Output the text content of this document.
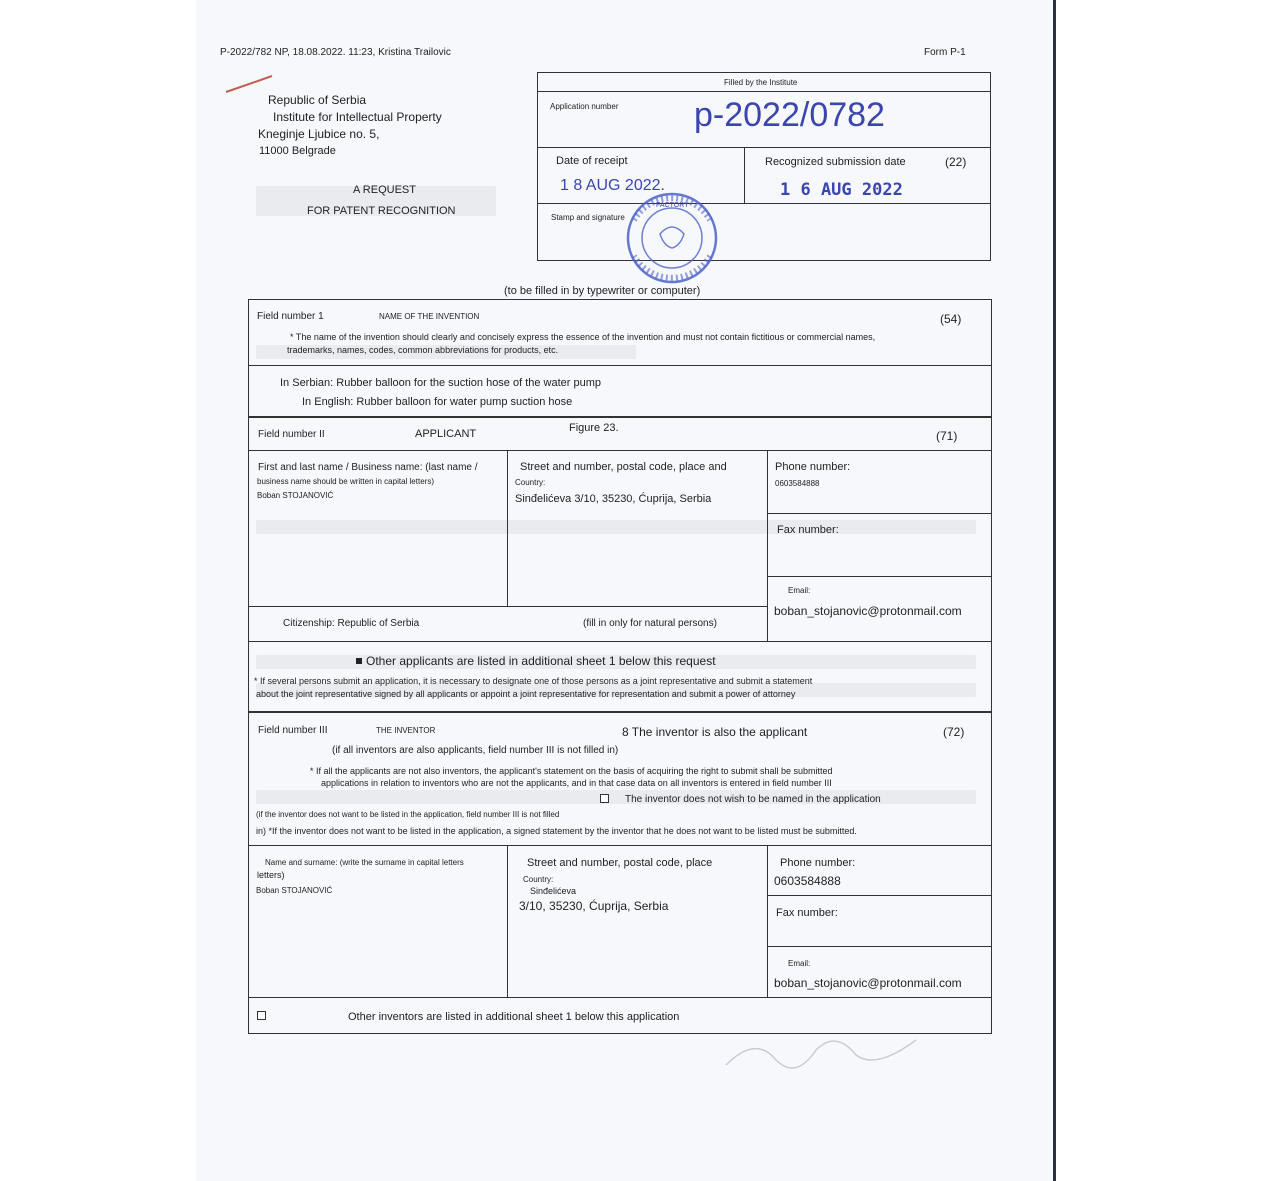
P-2022/782 NP, 18.08.2022. 11:23, Kristina Trailovic	Form P-1
Republic of Serbia
Institute for Intellectual Property
Kneginje Ljubice no. 5,
11000 Belgrade
A REQUEST
FOR PATENT RECOGNITION
Filled by the Institute
Application number p-2022/0782
Date of receipt
1 8 AUG 2022.
Recognized submission date	(22)
1 6 AUG 2022
Stamp and signature
FACTORY
(to be filled in by typewriter or computer)
Field number 1	NAME OF THE INVENTION	(54)
* The name of the invention should clearly and concisely express the essence of the invention and must not contain fictitious or commercial names,
trademarks, names, codes, common abbreviations for products, etc.
In Serbian: Rubber balloon for the suction hose of the water pump
In English: Rubber balloon for water pump suction hose
Field number II	APPLICANT	Figure 23.
(71)
First and last name / Business name: (last name /
business name should be written in capital letters)
Boban STOJANOVIĆ
Street and number, postal code, place and
Country:
Sinđelićeva 3/10, 35230, Ćuprija, Serbia
Phone number:
0603584888
Fax number:
Email:
boban_stojanovic@protonmail.com
Citizenship: Republic of Serbia	(fill in only for natural persons)
Other applicants are listed in additional sheet 1 below this request
* If several persons submit an application, it is necessary to designate one of those persons as a joint representative and submit a statement
about the joint representative signed by all applicants or appoint a joint representative for representation and submit a power of attorney
Field number III	THE INVENTOR	8 The inventor is also the applicant	(72)
(if all inventors are also applicants, field number III is not filled in)
* If all the applicants are not also inventors, the applicant's statement on the basis of acquiring the right to submit shall be submitted
applications in relation to inventors who are not the applicants, and in that case data on all inventors is entered in field number III
The inventor does not wish to be named in the application
(if the inventor does not want to be listed in the application, field number III is not filled
in) *If the inventor does not want to be listed in the application, a signed statement by the inventor that he does not want to be listed must be submitted.
Name and surname: (write the surname in capital letters
letters)
Boban STOJANOVIĆ
Street and number, postal code, place
Country:
Sinđelićeva
3/10, 35230, Ćuprija, Serbia
Phone number:
0603584888
Fax number:
Email:
boban_stojanovic@protonmail.com
Other inventors are listed in additional sheet 1 below this application
